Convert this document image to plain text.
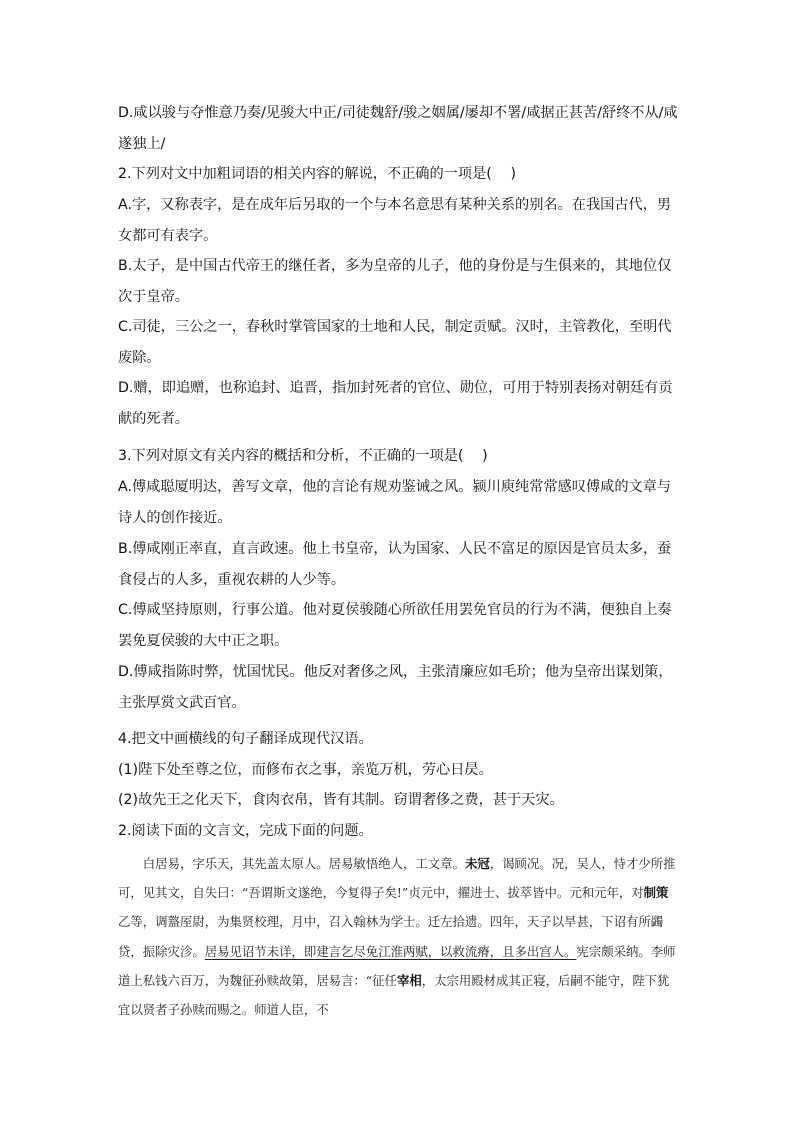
D.咸以骏与夺惟意乃奏/见骏大中正/司徒魏舒/骏之姻属/屡却不署/咸据正甚苦/舒终不从/咸遂独上/

2.下列对文中加粗词语的相关内容的解说，不正确的一项是(　 )

A.字，又称表字，是在成年后另取的一个与本名意思有某种关系的别名。在我国古代，男女都可有表字。

B.太子，是中国古代帝王的继任者，多为皇帝的儿子，他的身份是与生俱来的，其地位仅次于皇帝。

C.司徒，三公之一，春秋时掌管国家的土地和人民，制定贡赋。汉时，主管教化，至明代废除。

D.赠，即追赠，也称追封、追晋，指加封死者的官位、勋位，可用于特别表扬对朝廷有贡献的死者。

3.下列对原文有关内容的概括和分析，不正确的一项是(　 )

A.傅咸聪厦明达，善写文章，他的言论有规劝鉴诫之风。颍川庾纯常常感叹傅咸的文章与诗人的创作接近。

B.傅咸刚正率直，直言政速。他上书皇帝，认为国家、人民不富足的原因是官员太多，蚕食侵占的人多，重视农耕的人少等。

C.傅咸坚持原则，行事公道。他对夏侯骏随心所欲任用罢免官员的行为不满，便独自上奏罢免夏侯骏的大中正之职。

D.傅咸指陈时弊，忧国忧民。他反对奢侈之风，主张清廉应如毛玠；他为皇帝出谋划策，主张厚赏文武百官。

4.把文中画横线的句子翻译成现代汉语。

(1)陛下处至尊之位，而修布衣之事，亲览万机，劳心日昃。

(2)故先王之化天下，食肉衣帛，皆有其制。窃谓奢侈之费，甚于天灾。

2.阅读下面的文言文，完成下面的问题。

白居易，字乐天，其先盖太原人。居易敏悟绝人，工文章。未冠，谒顾况。况，吴人，恃才少所推可，见其文，自失曰：“吾谓斯文遂绝，今复得子矣!”贞元中，擢进士、拔萃皆中。元和元年，对制策乙等，调盩厔尉，为集贤校理，月中，召入翰林为学士。迁左拾遗。四年，天子以旱甚，下诏有所蠲贷，振除灾沴。居易见诏节未详，即建言乞尽免江淮两赋，以救流瘠，且多出宫人。宪宗颇采纳。李师道上私钱六百万，为魏征孙赎故第，居易言：“征任宰相，太宗用殿材成其正寝，后嗣不能守，陛下犹宜以贤者子孙赎而赐之。师道人臣，不
